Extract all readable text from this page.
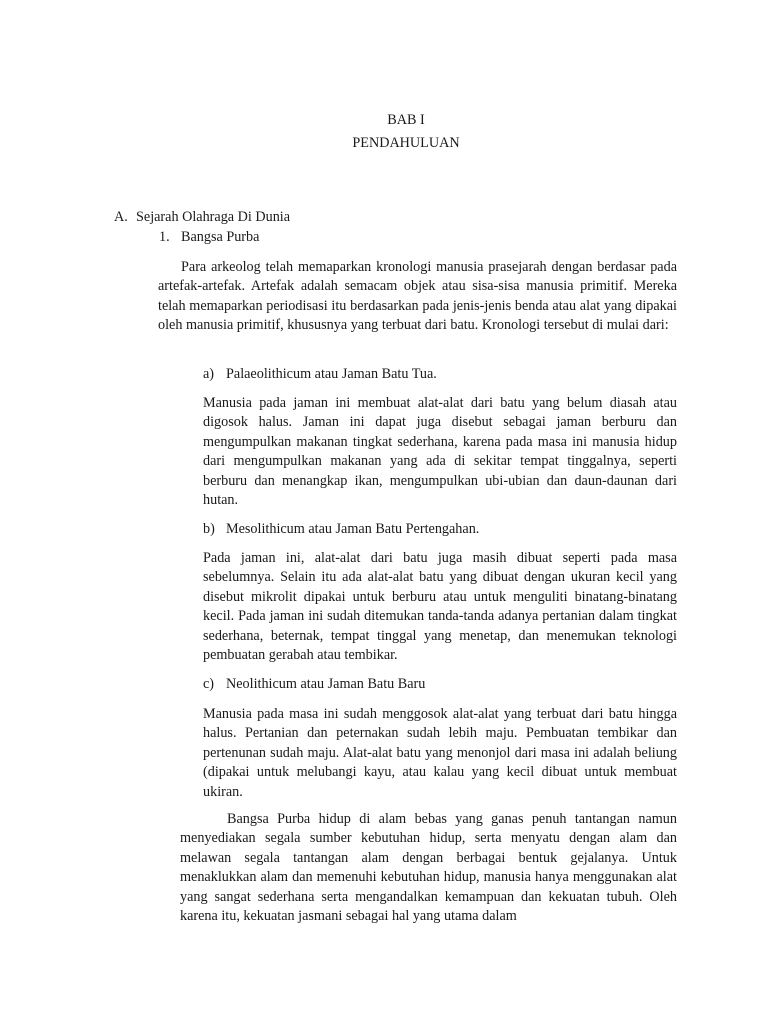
BAB I
PENDAHULUAN
A. Sejarah Olahraga Di Dunia
1. Bangsa Purba

Para arkeolog telah memaparkan kronologi manusia prasejarah dengan berdasar pada artefak-artefak. Artefak adalah semacam objek atau sisa-sisa manusia primitif. Mereka telah memaparkan periodisasi itu berdasarkan pada jenis-jenis benda atau alat yang dipakai oleh manusia primitif, khususnya yang terbuat dari batu. Kronologi tersebut di mulai dari:

a) Palaeolithicum atau Jaman Batu Tua.

Manusia pada jaman ini membuat alat-alat dari batu yang belum diasah atau digosok halus. Jaman ini dapat juga disebut sebagai jaman berburu dan mengumpulkan makanan tingkat sederhana, karena pada masa ini manusia hidup dari mengumpulkan makanan yang ada di sekitar tempat tinggalnya, seperti berburu dan menangkap ikan, mengumpulkan ubi-ubian dan daun-daunan dari hutan.

b) Mesolithicum atau Jaman Batu Pertengahan.

Pada jaman ini, alat-alat dari batu juga masih dibuat seperti pada masa sebelumnya. Selain itu ada alat-alat batu yang dibuat dengan ukuran kecil yang disebut mikrolit dipakai untuk berburu atau untuk menguliti binatang-binatang kecil. Pada jaman ini sudah ditemukan tanda-tanda adanya pertanian dalam tingkat sederhana, beternak, tempat tinggal yang menetap, dan menemukan teknologi pembuatan gerabah atau tembikar.

c) Neolithicum atau Jaman Batu Baru

Manusia pada masa ini sudah menggosok alat-alat yang terbuat dari batu hingga halus. Pertanian dan peternakan sudah lebih maju. Pembuatan tembikar dan pertenunan sudah maju. Alat-alat batu yang menonjol dari masa ini adalah beliung (dipakai untuk melubangi kayu, atau kalau yang kecil dibuat untuk membuat ukiran.

Bangsa Purba hidup di alam bebas yang ganas penuh tantangan namun menyediakan segala sumber kebutuhan hidup, serta menyatu dengan alam dan melawan segala tantangan alam dengan berbagai bentuk gejalanya. Untuk menaklukkan alam dan memenuhi kebutuhan hidup, manusia hanya menggunakan alat yang sangat sederhana serta mengandalkan kemampuan dan kekuatan tubuh. Oleh karena itu, kekuatan jasmani sebagai hal yang utama dalam
